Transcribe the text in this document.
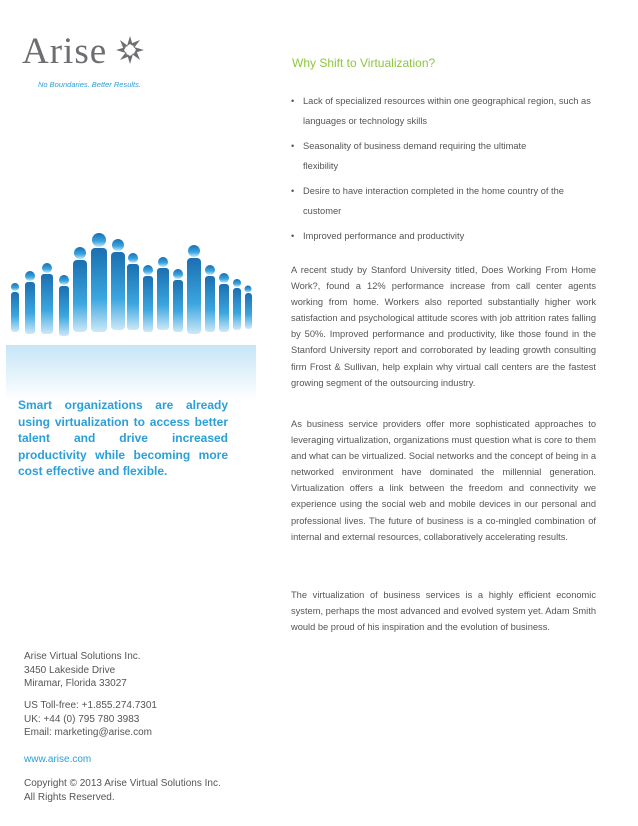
Arise
No Boundaries. Better Results.
Smart organizations are already using virtualization to access better talent and drive increased productivity while becoming more cost effective and flexible.
Arise Virtual Solutions Inc.
3450 Lakeside Drive
Miramar, Florida 33027
US Toll-free: +1.855.274.7301
UK: +44 (0) 795 780 3983
Email: marketing@arise.com
www.arise.com
Copyright © 2013 Arise Virtual Solutions Inc.
All Rights Reserved.
Why Shift to Virtualization?
• Lack of specialized resources within one geographical region, such as languages or technology skills
• Seasonality of business demand requiring the ultimate flexibility
• Desire to have interaction completed in the home country of the customer
• Improved performance and productivity
A recent study by Stanford University titled, Does Working From Home Work?, found a 12% performance increase from call center agents working from home. Workers also reported substantially higher work satisfaction and psychological attitude scores with job attrition rates falling by 50%. Improved performance and productivity, like those found in the Stanford University report and corroborated by leading growth consulting firm Frost & Sullivan, help explain why virtual call centers are the fastest growing segment of the outsourcing industry.
As business service providers offer more sophisticated approaches to leveraging virtualization, organizations must question what is core to them and what can be virtualized. Social networks and the concept of being in a networked environment have dominated the millennial generation. Virtualization offers a link between the freedom and connectivity we experience using the social web and mobile devices in our personal and professional lives. The future of business is a co-mingled combination of internal and external resources, collaboratively accelerating results.
The virtualization of business services is a highly efficient economic system, perhaps the most advanced and evolved system yet. Adam Smith would be proud of his inspiration and the evolution of business.
